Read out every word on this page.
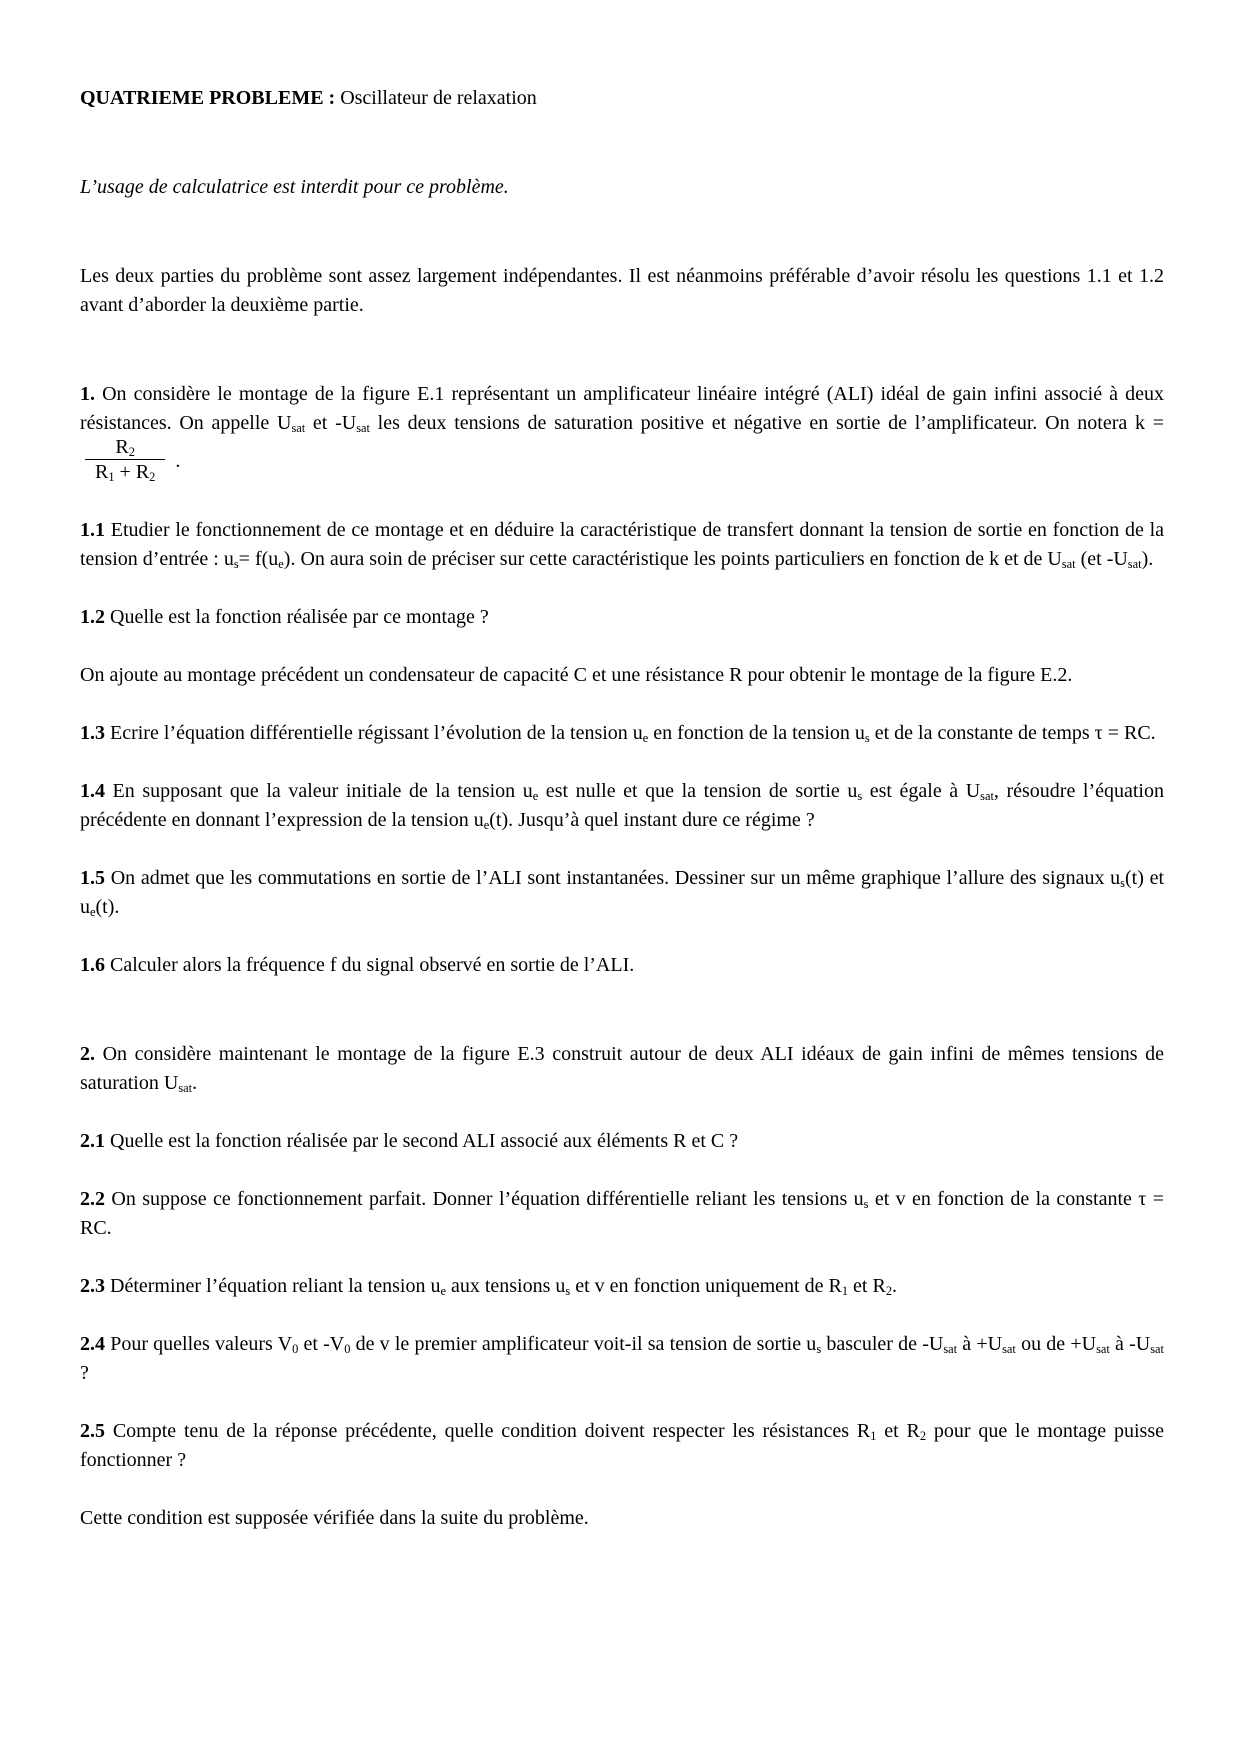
QUATRIEME PROBLEME : Oscillateur de relaxation

L’usage de calculatrice est interdit pour ce problème.

Les deux parties du problème sont assez largement indépendantes. Il est néanmoins préférable d’avoir résolu les questions 1.1 et 1.2 avant d’aborder la deuxième partie.

1. On considère le montage de la figure E.1 représentant un amplificateur linéaire intégré (ALI) idéal de gain infini associé à deux résistances. On appelle $U_{sat}$ et $-U_{sat}$ les deux tensions de saturation positive et négative en sortie de l’amplificateur. On notera k =
$\frac{R_2}{R_1 + R_2}$ .

1.1 Etudier le fonctionnement de ce montage et en déduire la caractéristique de transfert donnant la tension de sortie en fonction de la tension d’entrée : $u_s= f(u_e)$. On aura soin de préciser sur cette caractéristique les points particuliers en fonction de k et de $U_{sat}$ (et $-U_{sat}$).

1.2 Quelle est la fonction réalisée par ce montage ?

On ajoute au montage précédent un condensateur de capacité C et une résistance R pour obtenir le montage de la figure E.2.

1.3 Ecrire l’équation différentielle régissant l’évolution de la tension $u_e$ en fonction de la tension $u_s$ et de la constante de temps τ = RC.

1.4 En supposant que la valeur initiale de la tension $u_e$ est nulle et que la tension de sortie $u_s$ est égale à $U_{sat}$, résoudre l’équation précédente en donnant l’expression de la tension $u_e(t)$. Jusqu’à quel instant dure ce régime ?

1.5 On admet que les commutations en sortie de l’ALI sont instantanées. Dessiner sur un même graphique l’allure des signaux $u_s(t)$ et $u_e(t)$.

1.6 Calculer alors la fréquence f du signal observé en sortie de l’ALI.

2. On considère maintenant le montage de la figure E.3 construit autour de deux ALI idéaux de gain infini de mêmes tensions de saturation $U_{sat}$.

2.1 Quelle est la fonction réalisée par le second ALI associé aux éléments R et C ?

2.2 On suppose ce fonctionnement parfait. Donner l’équation différentielle reliant les tensions $u_s$ et v en fonction de la constante τ = RC.

2.3 Déterminer l’équation reliant la tension $u_e$ aux tensions $u_s$ et v en fonction uniquement de $R_1$ et $R_2$.

2.4 Pour quelles valeurs $V_0$ et $-V_0$ de v le premier amplificateur voit-il sa tension de sortie $u_s$ basculer de $-U_{sat}$ à $+U_{sat}$ ou de $+U_{sat}$ à $-U_{sat}$ ?

2.5 Compte tenu de la réponse précédente, quelle condition doivent respecter les résistances $R_1$ et $R_2$ pour que le montage puisse fonctionner ?

Cette condition est supposée vérifiée dans la suite du problème.
